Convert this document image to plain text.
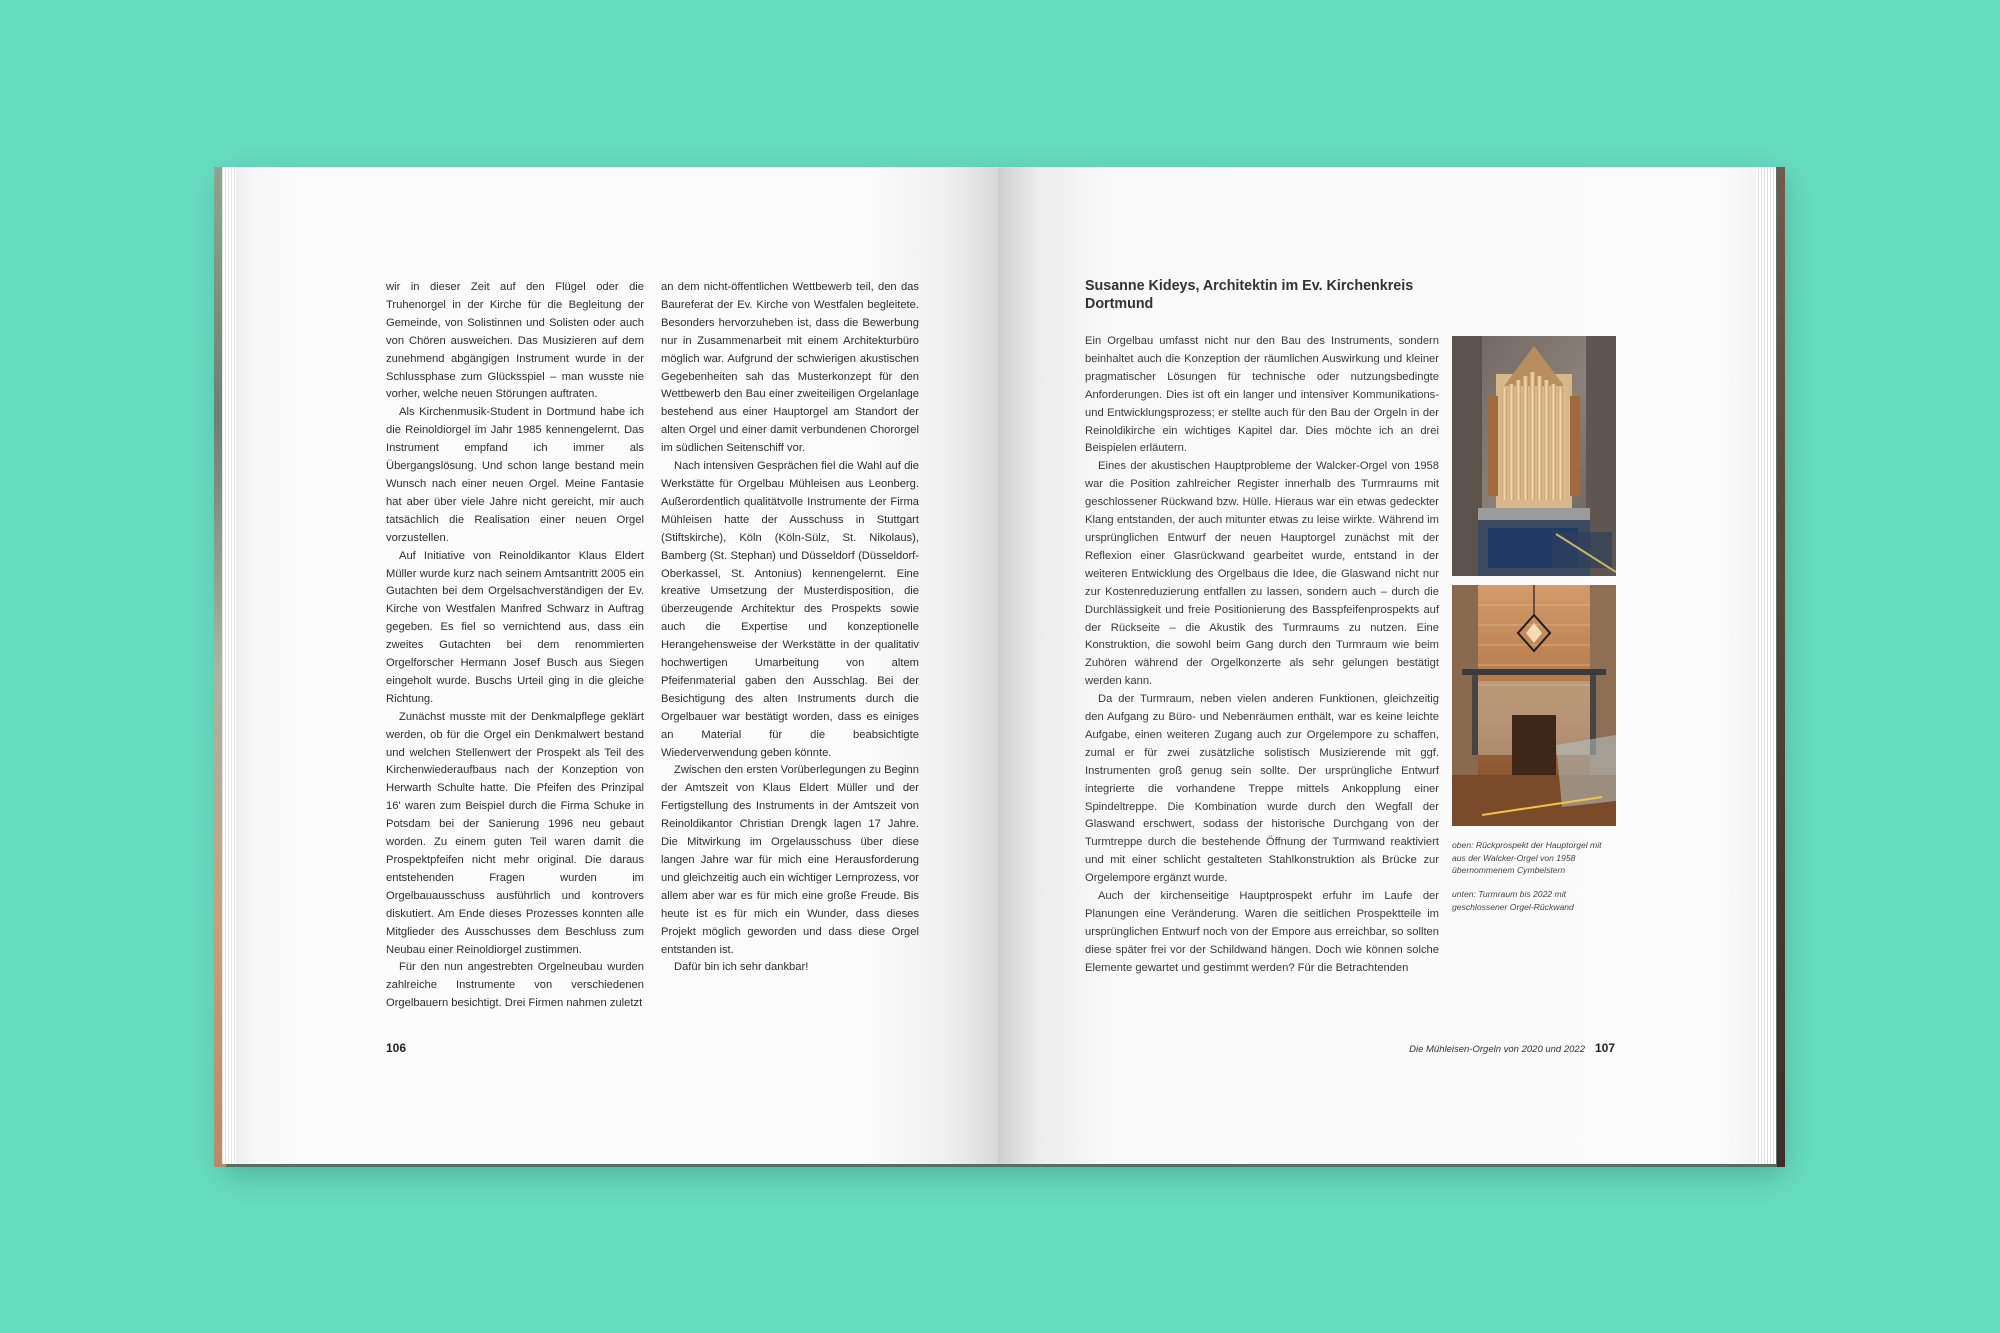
wir in dieser Zeit auf den Flügel oder die Truhenorgel in der Kirche für die Begleitung der Gemeinde, von Solistinnen und Solisten oder auch von Chören ausweichen. Das Musizieren auf dem zunehmend abgängigen Instrument wurde in der Schlussphase zum Glücksspiel – man wusste nie vorher, welche neuen Störungen auftraten.

Als Kirchenmusik-Student in Dortmund habe ich die Reinoldiorgel im Jahr 1985 kennengelernt. Das Instrument empfand ich immer als Übergangslösung. Und schon lange bestand mein Wunsch nach einer neuen Orgel. Meine Fantasie hat aber über viele Jahre nicht gereicht, mir auch tatsächlich die Realisation einer neuen Orgel vorzustellen.

Auf Initiative von Reinoldikantor Klaus Eldert Müller wurde kurz nach seinem Amtsantritt 2005 ein Gutachten bei dem Orgelsachverständigen der Ev. Kirche von Westfalen Manfred Schwarz in Auftrag gegeben. Es fiel so vernichtend aus, dass ein zweites Gutachten bei dem renommierten Orgelforscher Hermann Josef Busch aus Siegen eingeholt wurde. Buschs Urteil ging in die gleiche Richtung.

Zunächst musste mit der Denkmalpflege geklärt werden, ob für die Orgel ein Denkmalwert bestand und welchen Stellenwert der Prospekt als Teil des Kirchenwiederaufbaus nach der Konzeption von Herwarth Schulte hatte. Die Pfeifen des Prinzipal 16' waren zum Beispiel durch die Firma Schuke in Potsdam bei der Sanierung 1996 neu gebaut worden. Zu einem guten Teil waren damit die Prospektpfeifen nicht mehr original. Die daraus entstehenden Fragen wurden im Orgelbauausschuss ausführlich und kontrovers diskutiert. Am Ende dieses Prozesses konnten alle Mitglieder des Ausschusses dem Beschluss zum Neubau einer Reinoldiorgel zustimmen.

Für den nun angestrebten Orgelneubau wurden zahlreiche Instrumente von verschiedenen Orgelbauern besichtigt. Drei Firmen nahmen zuletzt

an dem nicht-öffentlichen Wettbewerb teil, den das Baureferat der Ev. Kirche von Westfalen begleitete. Besonders hervorzuheben ist, dass die Bewerbung nur in Zusammenarbeit mit einem Architekturbüro möglich war. Aufgrund der schwierigen akustischen Gegebenheiten sah das Musterkonzept für den Wettbewerb den Bau einer zweiteiligen Orgelanlage bestehend aus einer Hauptorgel am Standort der alten Orgel und einer damit verbundenen Chororgel im südlichen Seitenschiff vor.

Nach intensiven Gesprächen fiel die Wahl auf die Werkstätte für Orgelbau Mühleisen aus Leonberg. Außerordentlich qualitätvolle Instrumente der Firma Mühleisen hatte der Ausschuss in Stuttgart (Stiftskirche), Köln (Köln-Sülz, St. Nikolaus), Bamberg (St. Stephan) und Düsseldorf (Düsseldorf-Oberkassel, St. Antonius) kennengelernt. Eine kreative Umsetzung der Musterdisposition, die überzeugende Architektur des Prospekts sowie auch die Expertise und konzeptionelle Herangehensweise der Werkstätte in der qualitativ hochwertigen Umarbeitung von altem Pfeifenmaterial gaben den Ausschlag. Bei der Besichtigung des alten Instruments durch die Orgelbauer war bestätigt worden, dass es einiges an Material für die beabsichtigte Wiederverwendung geben könnte.

Zwischen den ersten Vorüberlegungen zu Beginn der Amtszeit von Klaus Eldert Müller und der Fertigstellung des Instruments in der Amtszeit von Reinoldikantor Christian Drengk lagen 17 Jahre. Die Mitwirkung im Orgelausschuss über diese langen Jahre war für mich eine Herausforderung und gleichzeitig auch ein wichtiger Lernprozess, vor allem aber war es für mich eine große Freude. Bis heute ist es für mich ein Wunder, dass dieses Projekt möglich geworden und dass diese Orgel entstanden ist.

Dafür bin ich sehr dankbar!

106
Susanne Kideys, Architektin im Ev. Kirchenkreis Dortmund

Ein Orgelbau umfasst nicht nur den Bau des Instruments, sondern beinhaltet auch die Konzeption der räumlichen Auswirkung und kleiner pragmatischer Lösungen für technische oder nutzungsbedingte Anforderungen. Dies ist oft ein langer und intensiver Kommunikations- und Entwicklungsprozess; er stellte auch für den Bau der Orgeln in der Reinoldikirche ein wichtiges Kapitel dar. Dies möchte ich an drei Beispielen erläutern.

Eines der akustischen Hauptprobleme der Walcker-Orgel von 1958 war die Position zahlreicher Register innerhalb des Turmraums mit geschlossener Rückwand bzw. Hülle. Hieraus war ein etwas gedeckter Klang entstanden, der auch mitunter etwas zu leise wirkte. Während im ursprünglichen Entwurf der neuen Hauptorgel zunächst mit der Reflexion einer Glasrückwand gearbeitet wurde, entstand in der weiteren Entwicklung des Orgelbaus die Idee, die Glaswand nicht nur zur Kostenreduzierung entfallen zu lassen, sondern auch – durch die Durchlässigkeit und freie Positionierung des Basspfeifenprospekts auf der Rückseite – die Akustik des Turmraums zu nutzen. Eine Konstruktion, die sowohl beim Gang durch den Turmraum wie beim Zuhören während der Orgelkonzerte als sehr gelungen bestätigt werden kann.

Da der Turmraum, neben vielen anderen Funktionen, gleichzeitig den Aufgang zu Büro- und Nebenräumen enthält, war es keine leichte Aufgabe, einen weiteren Zugang auch zur Orgelempore zu schaffen, zumal er für zwei zusätzliche solistisch Musizierende mit ggf. Instrumenten groß genug sein sollte. Der ursprüngliche Entwurf integrierte die vorhandene Treppe mittels Ankopplung einer Spindeltreppe. Die Kombination wurde durch den Wegfall der Glaswand erschwert, sodass der historische Durchgang von der Turmtreppe durch die bestehende Öffnung der Turmwand reaktiviert und mit einer schlicht gestalteten Stahlkonstruktion als Brücke zur Orgelempore ergänzt wurde.

Auch der kirchenseitige Hauptprospekt erfuhr im Laufe der Planungen eine Veränderung. Waren die seitlichen Prospektteile im ursprünglichen Entwurf noch von der Empore aus erreichbar, so sollten diese später frei vor der Schildwand hängen. Doch wie können solche Elemente gewartet und gestimmt werden? Für die Betrachtenden

oben: Rückprospekt der Hauptorgel mit aus der Walcker-Orgel von 1958 übernommenem Cymbelstern
unten: Turmraum bis 2022 mit geschlossener Orgel-Rückwand
Die Mühleisen-Orgeln von 2020 und 2022 107
